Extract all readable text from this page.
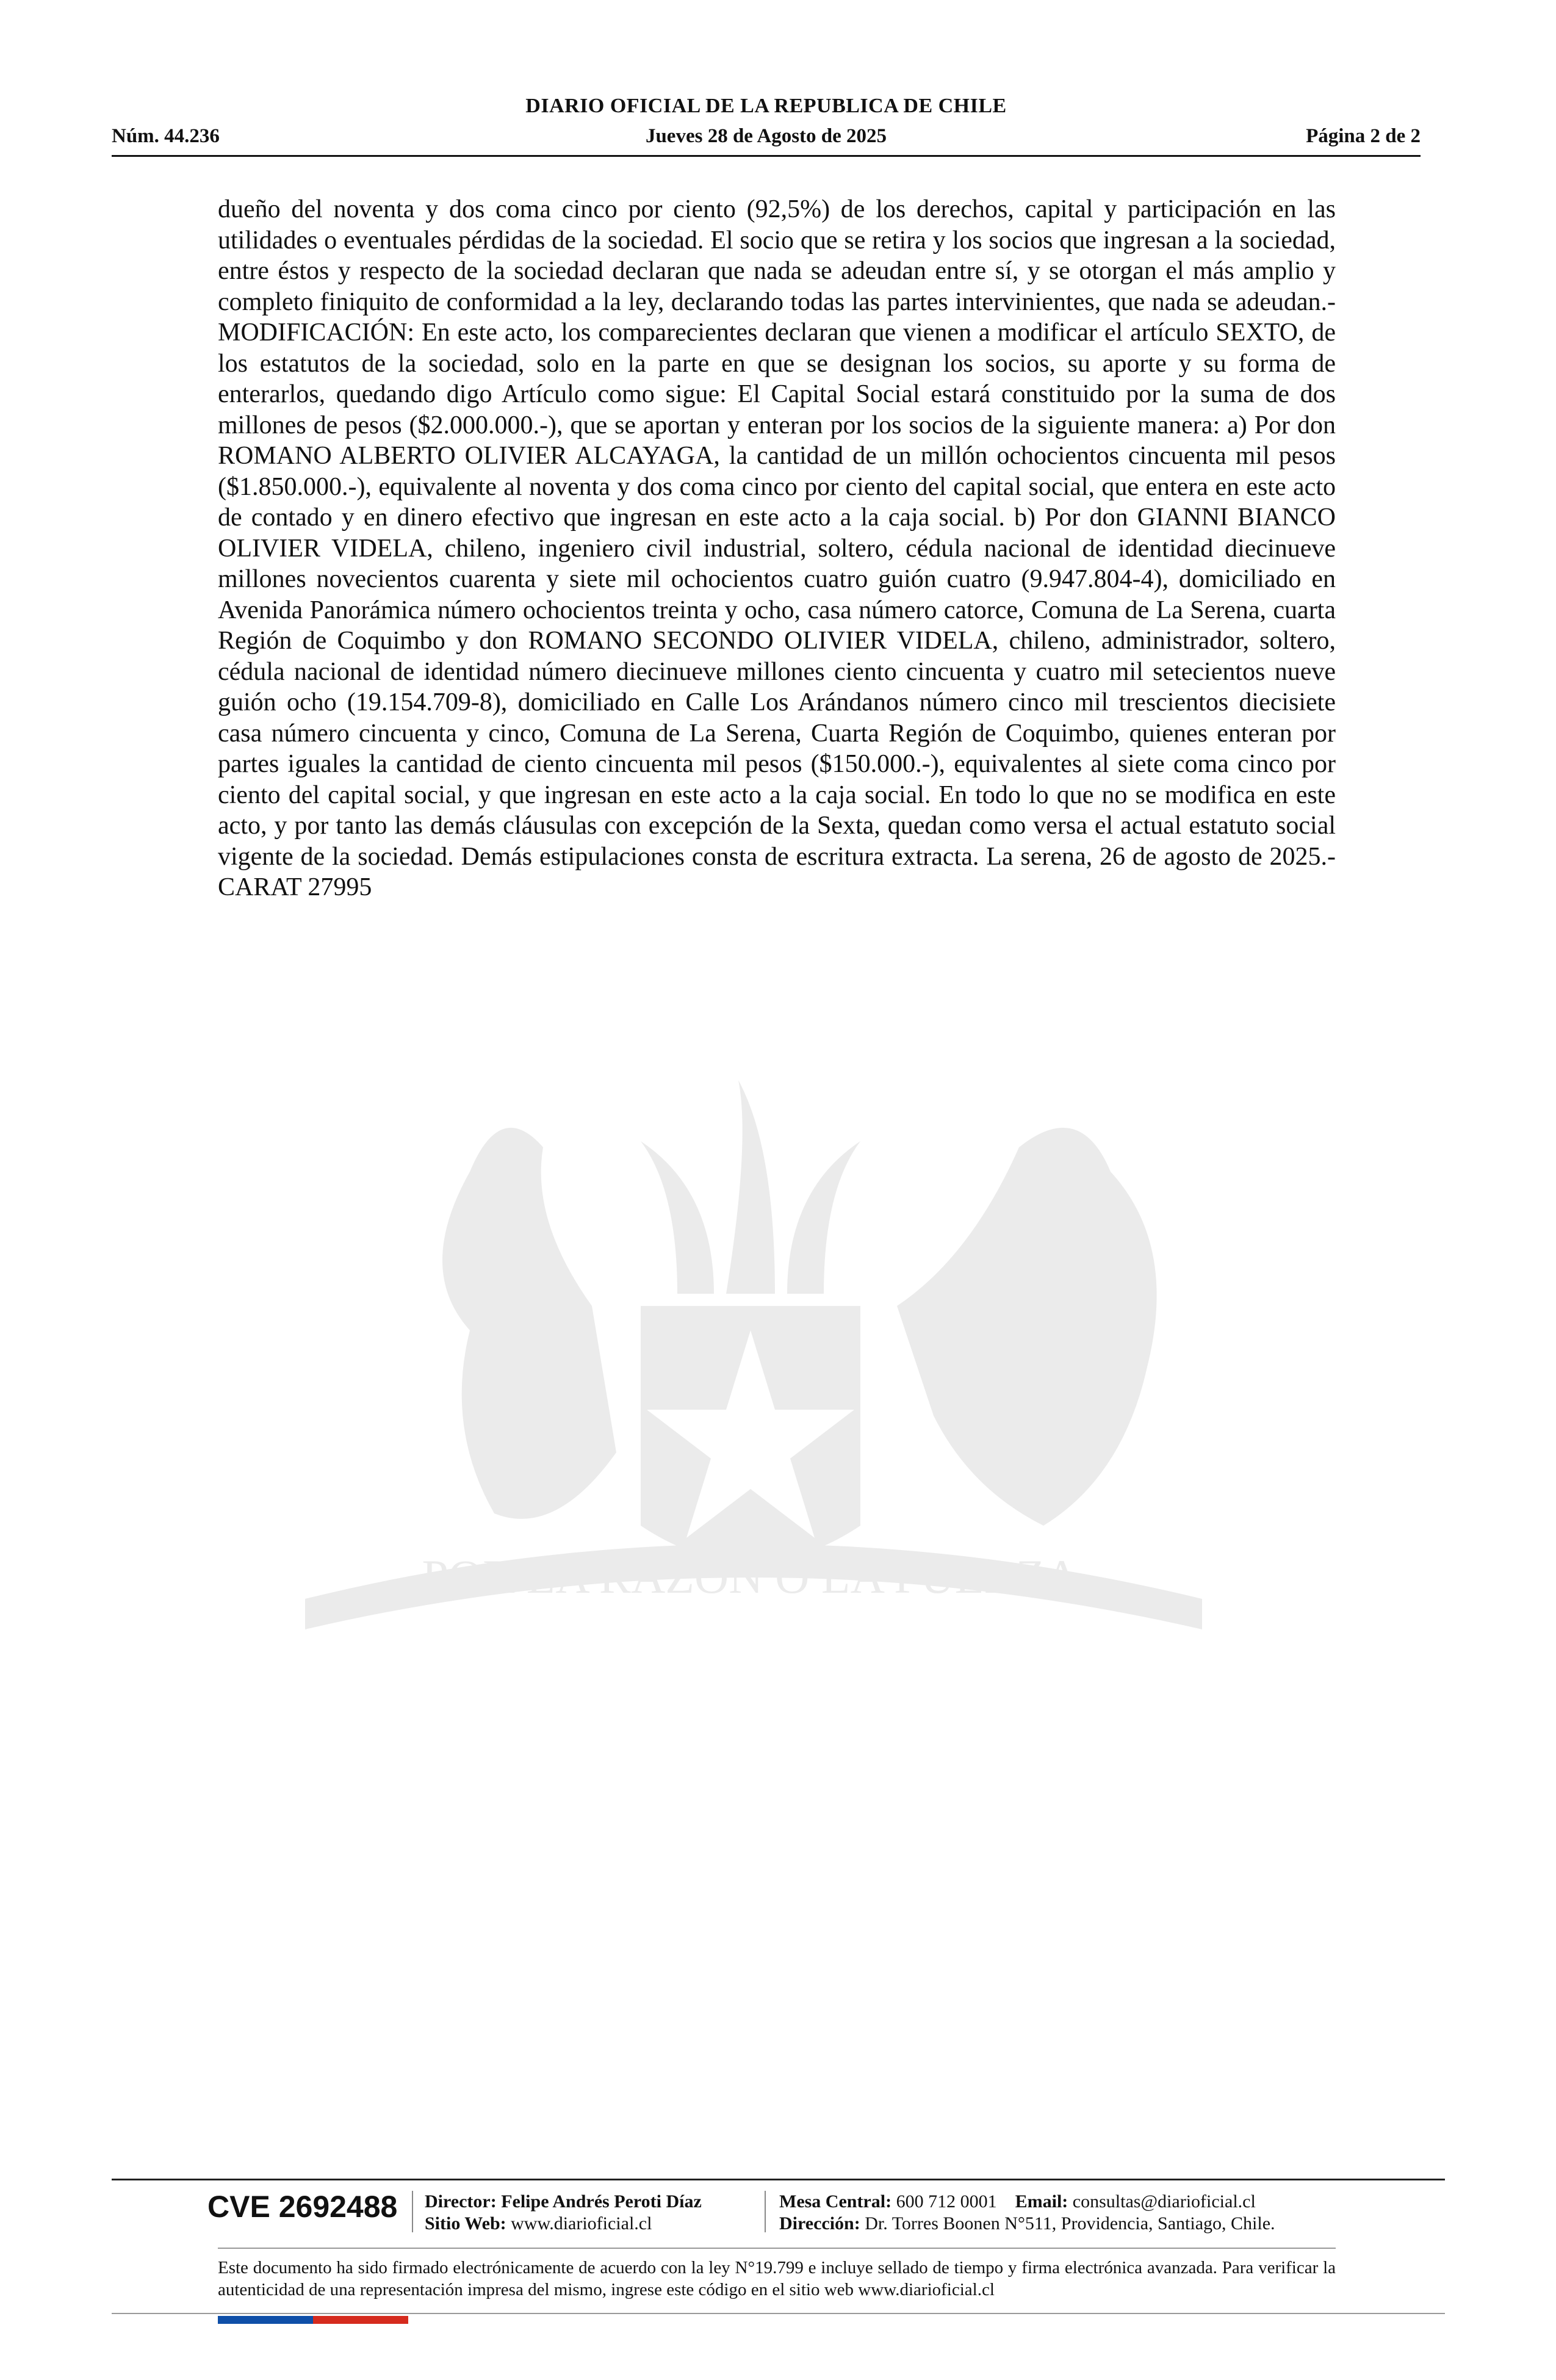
DIARIO OFICIAL DE LA REPUBLICA DE CHILE
Núm. 44.236	Jueves 28 de Agosto de 2025	Página 2 de 2
POR LA RAZÓN O LA FUERZA
dueño del noventa y dos coma cinco por ciento (92,5%) de los derechos, capital y participación en las utilidades o eventuales pérdidas de la sociedad. El socio que se retira y los socios que ingresan a la sociedad, entre éstos y respecto de la sociedad declaran que nada se adeudan entre sí, y se otorgan el más amplio y completo finiquito de conformidad a la ley, declarando todas las partes intervinientes, que nada se adeudan.- MODIFICACIÓN: En este acto, los comparecientes declaran que vienen a modificar el artículo SEXTO, de los estatutos de la sociedad, solo en la parte en que se designan los socios, su aporte y su forma de enterarlos, quedando digo Artículo como sigue: El Capital Social estará constituido por la suma de dos millones de pesos ($2.000.000.-), que se aportan y enteran por los socios de la siguiente manera: a) Por don ROMANO ALBERTO OLIVIER ALCAYAGA, la cantidad de un millón ochocientos cincuenta mil pesos ($1.850.000.-), equivalente al noventa y dos coma cinco por ciento del capital social, que entera en este acto de contado y en dinero efectivo que ingresan en este acto a la caja social. b) Por don GIANNI BIANCO OLIVIER VIDELA, chileno, ingeniero civil industrial, soltero, cédula nacional de identidad diecinueve millones novecientos cuarenta y siete mil ochocientos cuatro guión cuatro (9.947.804-4), domiciliado en Avenida Panorámica número ochocientos treinta y ocho, casa número catorce, Comuna de La Serena, cuarta Región de Coquimbo y don ROMANO SECONDO OLIVIER VIDELA, chileno, administrador, soltero, cédula nacional de identidad número diecinueve millones ciento cincuenta y cuatro mil setecientos nueve guión ocho (19.154.709-8), domiciliado en Calle Los Arándanos número cinco mil trescientos diecisiete casa número cincuenta y cinco, Comuna de La Serena, Cuarta Región de Coquimbo, quienes enteran por partes iguales la cantidad de ciento cincuenta mil pesos ($150.000.-), equivalentes al siete coma cinco por ciento del capital social, y que ingresan en este acto a la caja social. En todo lo que no se modifica en este acto, y por tanto las demás cláusulas con excepción de la Sexta, quedan como versa el actual estatuto social vigente de la sociedad. Demás estipulaciones consta de escritura extracta. La serena, 26 de agosto de 2025.- CARAT 27995
CVE 2692488 Director: Felipe Andrés Peroti Díaz
Sitio Web: www.diarioficial.cl
Mesa Central: 600 712 0001 Email: consultas@diarioficial.cl
Dirección: Dr. Torres Boonen N°511, Providencia, Santiago, Chile.
Este documento ha sido firmado electrónicamente de acuerdo con la ley N°19.799 e incluye sellado de tiempo y firma electrónica avanzada. Para verificar la autenticidad de una representación impresa del mismo, ingrese este código en el sitio web www.diarioficial.cl
